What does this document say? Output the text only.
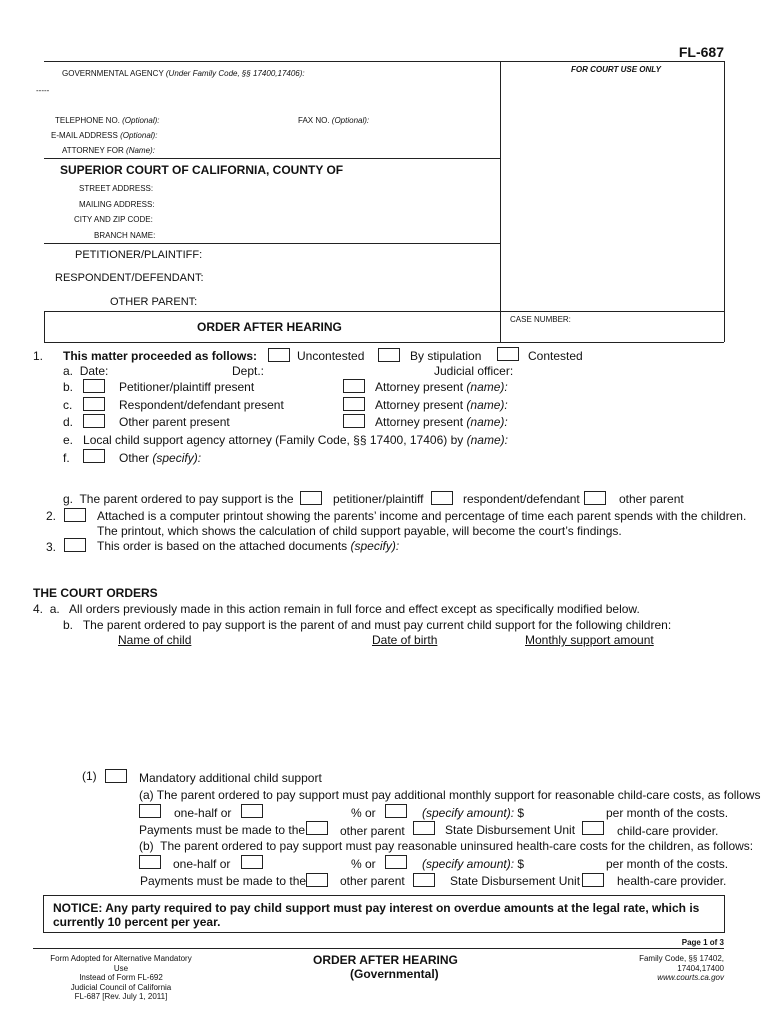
FL-687
-----
GOVERNMENTAL AGENCY (Under Family Code, §§ 17400,17406):	FOR COURT USE ONLY
TELEPHONE NO. (Optional):	FAX NO. (Optional):
E-MAIL ADDRESS (Optional):
ATTORNEY FOR (Name):
SUPERIOR COURT OF CALIFORNIA, COUNTY OF
STREET ADDRESS:
MAILING ADDRESS:
CITY AND ZIP CODE:
BRANCH NAME:
PETITIONER/PLAINTIFF:
RESPONDENT/DEFENDANT:
OTHER PARENT:
CASE NUMBER:
ORDER AFTER HEARING
1. This matter proceeded as follows:	Uncontested	By stipulation	Contested
a. Date:	Dept.:	Judicial officer:
b.	Petitioner/plaintiff present	Attorney present (name):
c.	Respondent/defendant present	Attorney present (name):
d.	Other parent present	Attorney present (name):
e. Local child support agency attorney (Family Code, §§ 17400, 17406) by (name):
f.	Other (specify):
g. The parent ordered to pay support is the	petitioner/plaintiff	respondent/defendant	other parent
2.	Attached is a computer printout showing the parents’ income and percentage of time each parent spends with the children.
The printout, which shows the calculation of child support payable, will become the court’s findings.
3.	This order is based on the attached documents (specify):
THE COURT ORDERS
4. a. All orders previously made in this action remain in full force and effect except as specifically modified below.
b. The parent ordered to pay support is the parent of and must pay current child support for the following children:
Name of child	Date of birth	Monthly support amount
(1)	Mandatory additional child support
(a) The parent ordered to pay support must pay additional monthly support for reasonable child-care costs, as follows
one-half or	% or	(specify amount): $	per month of the costs.
Payments must be made to the	other parent	State Disbursement Unit	child-care provider.
(b) The parent ordered to pay support must pay reasonable uninsured health-care costs for the children, as follows:
one-half or	% or	(specify amount): $	per month of the costs.
Payments must be made to the	other parent	State Disbursement Unit	health-care provider.
NOTICE: Any party required to pay child support must pay interest on overdue amounts at the legal rate, which is
currently 10 percent per year.
Page 1 of 3
Form Adopted for Alternative Mandatory Use
Instead of Form FL-692
Judicial Council of California
FL-687 [Rev. July 1, 2011]
ORDER AFTER HEARING
(Governmental)
Family Code, §§ 17402,
17404,17400
www.courts.ca.gov
